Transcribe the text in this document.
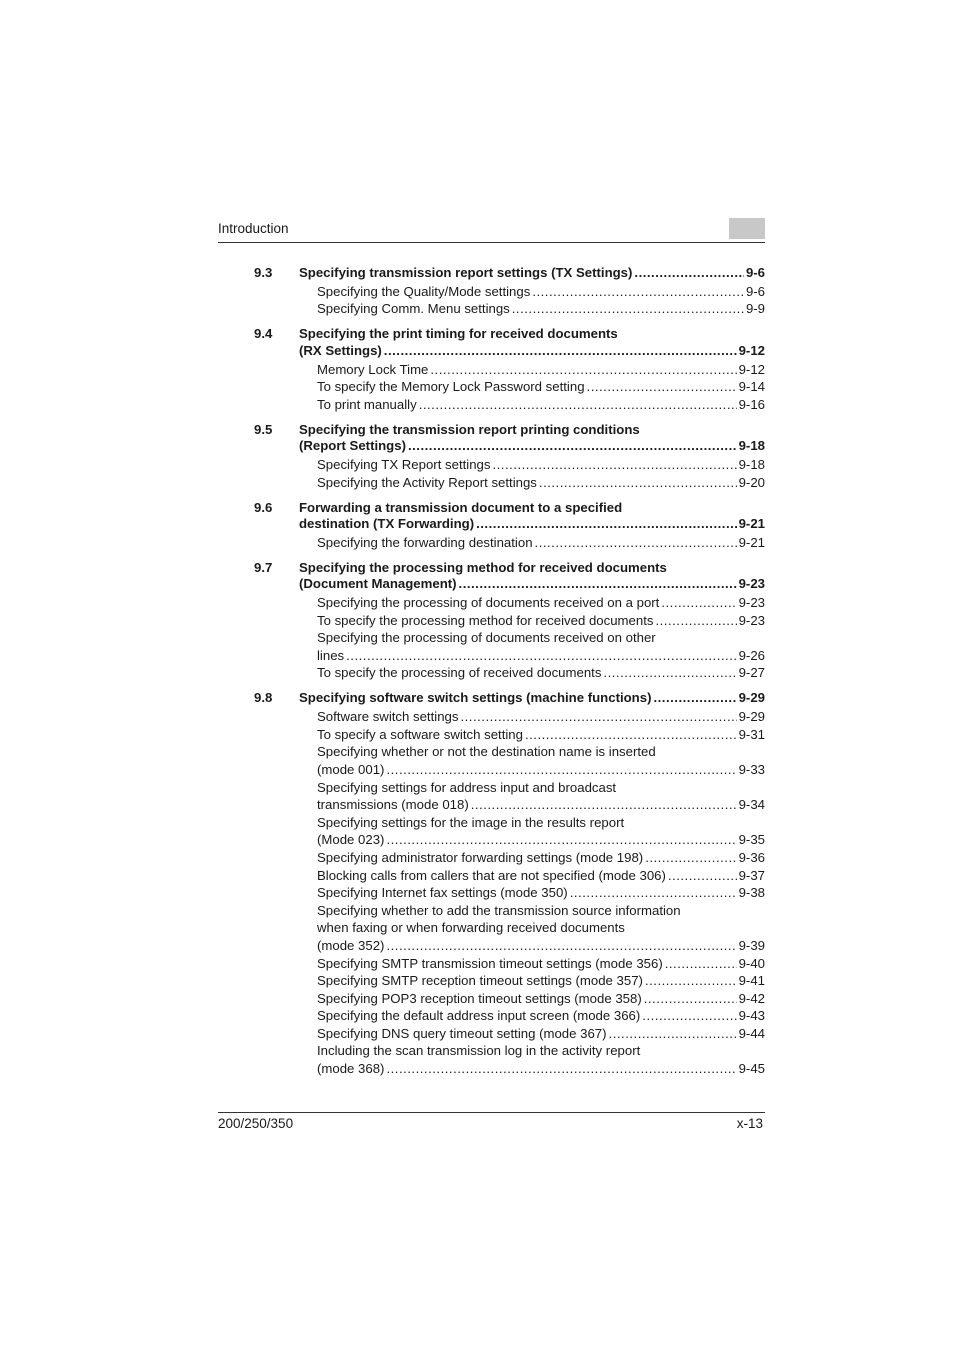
Introduction
9.3	Specifying transmission report settings (TX Settings) .....	9-6
Specifying the Quality/Mode settings .....	9-6
Specifying Comm. Menu settings .....	9-9
9.4	Specifying the print timing for received documents
(RX Settings) .....	9-12
Memory Lock Time .....	9-12
To specify the Memory Lock Password setting .....	9-14
To print manually .....	9-16
9.5	Specifying the transmission report printing conditions
(Report Settings) .....	9-18
Specifying TX Report settings .....	9-18
Specifying the Activity Report settings .....	9-20
9.6	Forwarding a transmission document to a specified
destination (TX Forwarding) .....	9-21
Specifying the forwarding destination .....	9-21
9.7	Specifying the processing method for received documents
(Document Management) .....	9-23
Specifying the processing of documents received on a port .....	9-23
To specify the processing method for received documents .....	9-23
Specifying the processing of documents received on other
lines .....	9-26
To specify the processing of received documents .....	9-27
9.8	Specifying software switch settings (machine functions) .....	9-29
Software switch settings .....	9-29
To specify a software switch setting .....	9-31
Specifying whether or not the destination name is inserted
(mode 001) .....	9-33
Specifying settings for address input and broadcast
transmissions (mode 018) .....	9-34
Specifying settings for the image in the results report
(Mode 023) .....	9-35
Specifying administrator forwarding settings (mode 198) .....	9-36
Blocking calls from callers that are not specified (mode 306) .....	9-37
Specifying Internet fax settings (mode 350) .....	9-38
Specifying whether to add the transmission source information
when faxing or when forwarding received documents
(mode 352) .....	9-39
Specifying SMTP transmission timeout settings (mode 356) .....	9-40
Specifying SMTP reception timeout settings (mode 357) .....	9-41
Specifying POP3 reception timeout settings (mode 358) .....	9-42
Specifying the default address input screen (mode 366) .....	9-43
Specifying DNS query timeout setting (mode 367) .....	9-44
Including the scan transmission log in the activity report
(mode 368) .....	9-45
200/250/350	x-13
